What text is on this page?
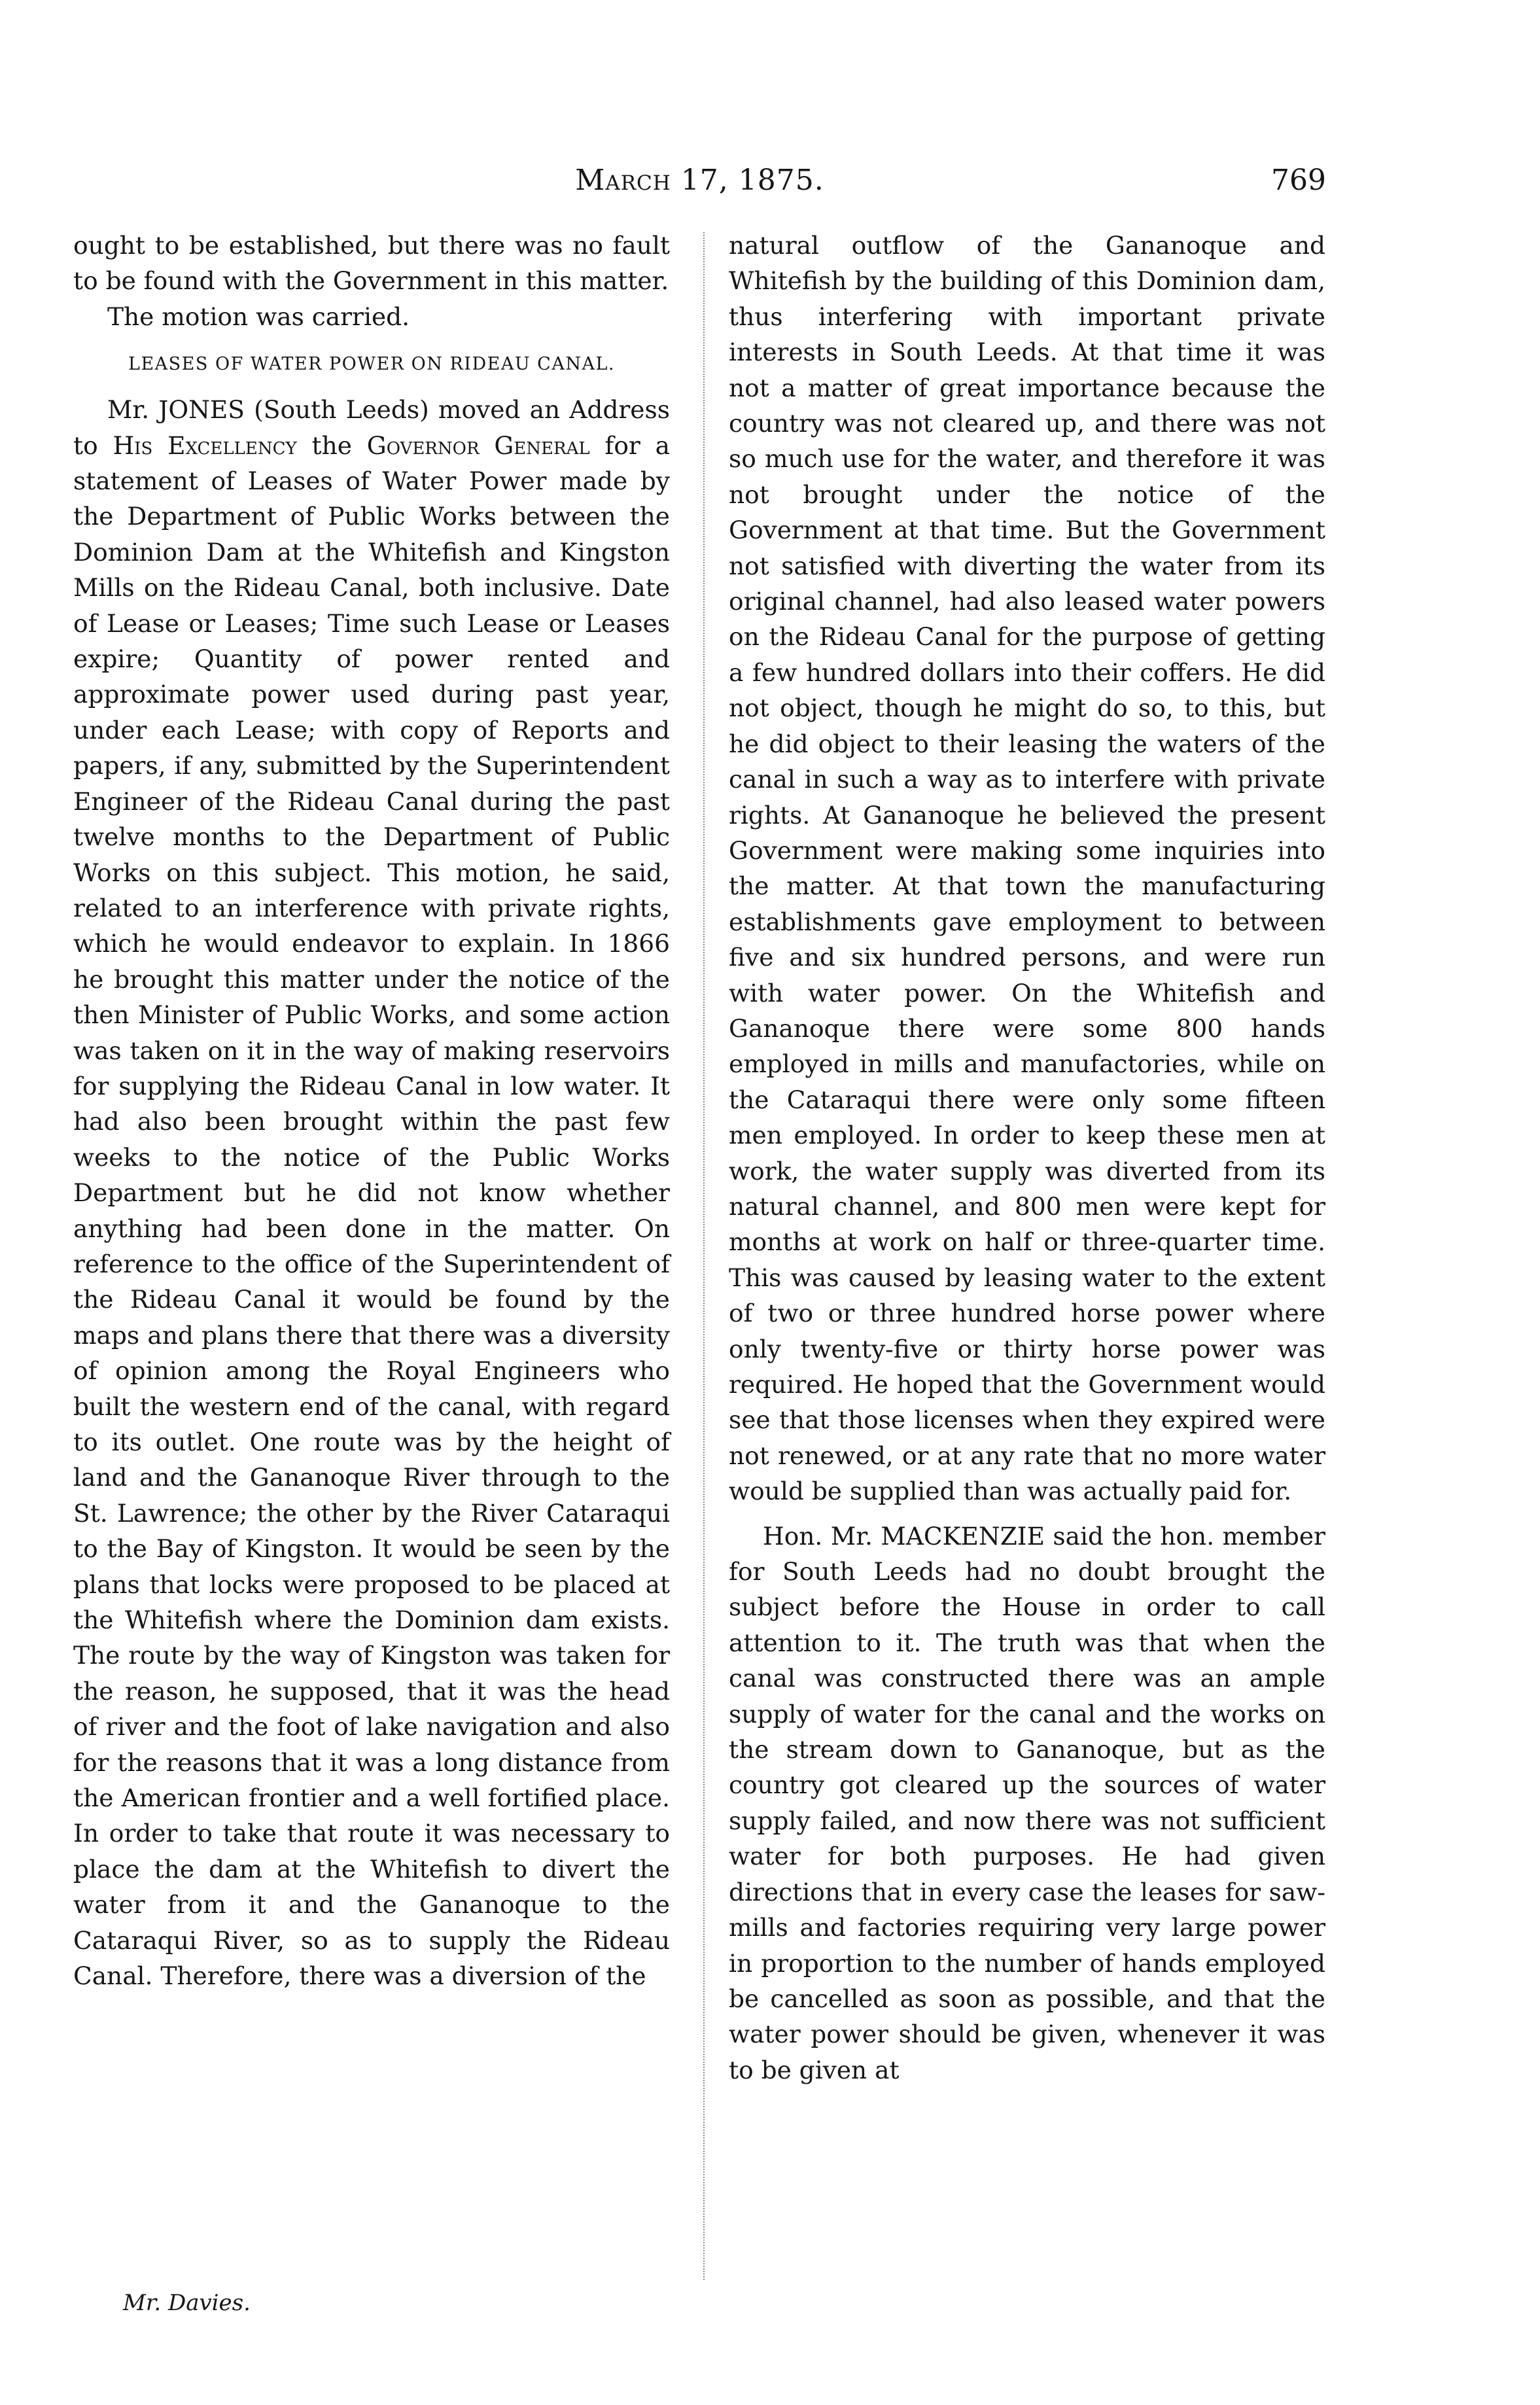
March 17, 1875.	769

ought to be established, but there was no fault to be found with the Government in this matter.

The motion was carried.

LEASES OF WATER POWER ON RIDEAU CANAL.

Mr. JONES (South Leeds) moved an Address to His Excellency the Governor General for a statement of Leases of Water Power made by the Department of Public Works between the Dominion Dam at the Whitefish and Kingston Mills on the Rideau Canal, both inclusive. Date of Lease or Leases; Time such Lease or Leases expire; Quantity of power rented and approximate power used during past year, under each Lease; with copy of Reports and papers, if any, submitted by the Superintendent Engineer of the Rideau Canal during the past twelve months to the Department of Public Works on this subject. This motion, he said, related to an interference with private rights, which he would endeavor to explain. In 1866 he brought this matter under the notice of the then Minister of Public Works, and some action was taken on it in the way of making reservoirs for supplying the Rideau Canal in low water. It had also been brought within the past few weeks to the notice of the Public Works Department but he did not know whether anything had been done in the matter. On reference to the office of the Superintendent of the Rideau Canal it would be found by the maps and plans there that there was a diversity of opinion among the Royal Engineers who built the western end of the canal, with regard to its outlet. One route was by the height of land and the Gananoque River through to the St. Lawrence; the other by the River Cataraqui to the Bay of Kingston. It would be seen by the plans that locks were proposed to be placed at the Whitefish where the Dominion dam exists. The route by the way of Kingston was taken for the reason, he supposed, that it was the head of river and the foot of lake navigation and also for the reasons that it was a long distance from the American frontier and a well fortified place. In order to take that route it was necessary to place the dam at the Whitefish to divert the water from it and the Gananoque to the Cataraqui River, so as to supply the Rideau Canal. Therefore, there was a diversion of the

natural outflow of the Gananoque and Whitefish by the building of this Dominion dam, thus interfering with important private interests in South Leeds. At that time it was not a matter of great importance because the country was not cleared up, and there was not so much use for the water, and therefore it was not brought under the notice of the Government at that time. But the Government not satisfied with diverting the water from its original channel, had also leased water powers on the Rideau Canal for the purpose of getting a few hundred dollars into their coffers. He did not object, though he might do so, to this, but he did object to their leasing the waters of the canal in such a way as to interfere with private rights. At Gananoque he believed the present Government were making some inquiries into the matter. At that town the manufacturing establishments gave employment to between five and six hundred persons, and were run with water power. On the Whitefish and Gananoque there were some 800 hands employed in mills and manufactories, while on the Cataraqui there were only some fifteen men employed. In order to keep these men at work, the water supply was diverted from its natural channel, and 800 men were kept for months at work on half or three-quarter time. This was caused by leasing water to the extent of two or three hundred horse power where only twenty-five or thirty horse power was required. He hoped that the Government would see that those licenses when they expired were not renewed, or at any rate that no more water would be supplied than was actually paid for.

Hon. Mr. MACKENZIE said the hon. member for South Leeds had no doubt brought the subject before the House in order to call attention to it. The truth was that when the canal was constructed there was an ample supply of water for the canal and the works on the stream down to Gananoque, but as the country got cleared up the sources of water supply failed, and now there was not sufficient water for both purposes. He had given directions that in every case the leases for saw-mills and factories requiring very large power in proportion to the number of hands employed be cancelled as soon as possible, and that the water power should be given, whenever it was to be given at

Mr. Davies.
